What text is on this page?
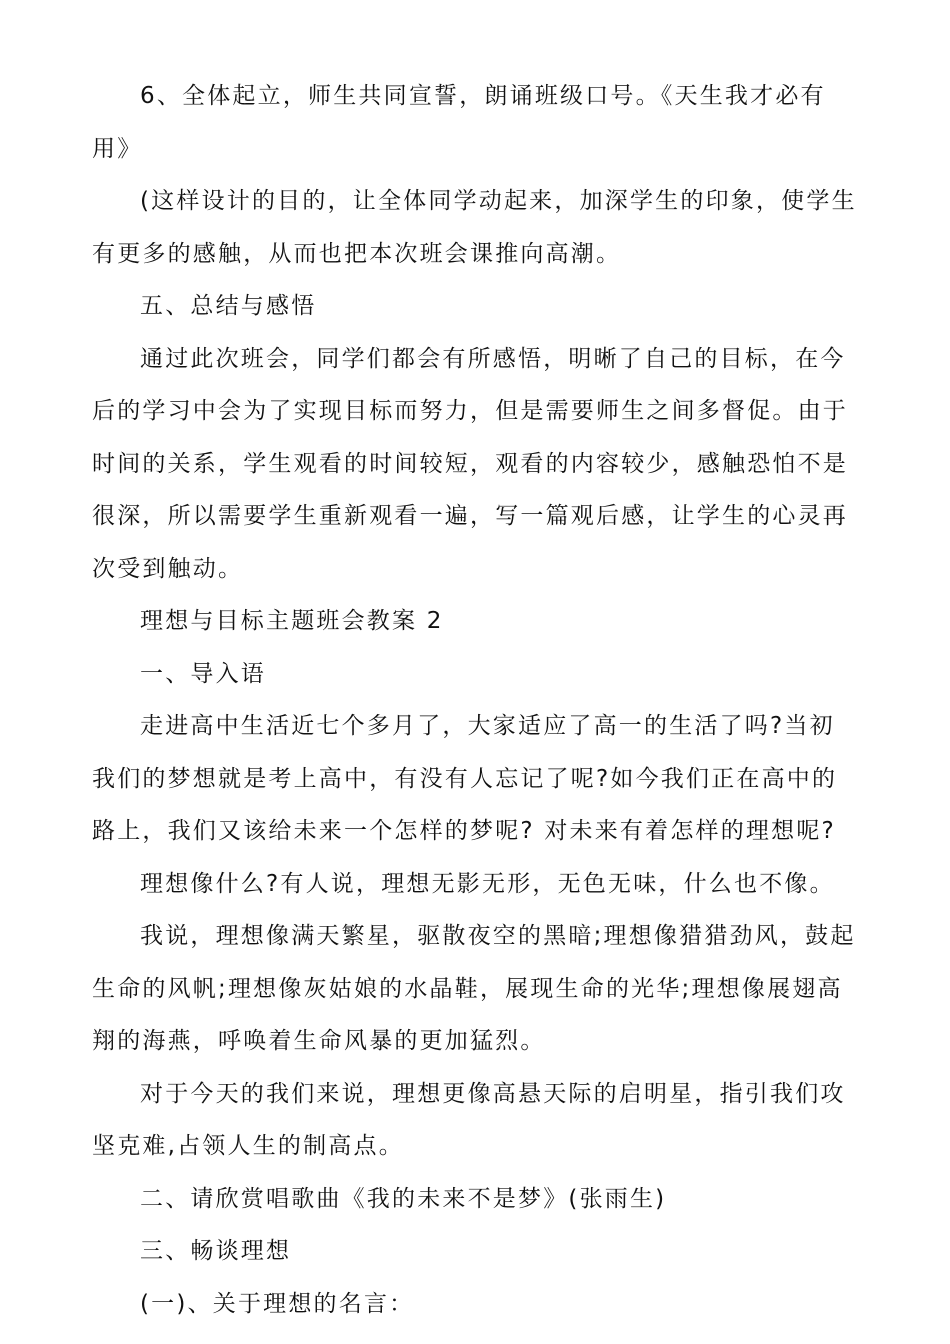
6、全体起立，师生共同宣誓，朗诵班级口号。《天生我才必有用》

(这样设计的目的，让全体同学动起来，加深学生的印象，使学生有更多的感触，从而也把本次班会课推向高潮。

五、总结与感悟

通过此次班会，同学们都会有所感悟，明晰了自己的目标，在今后的学习中会为了实现目标而努力，但是需要师生之间多督促。由于时间的关系，学生观看的时间较短，观看的内容较少，感触恐怕不是很深，所以需要学生重新观看一遍，写一篇观后感，让学生的心灵再次受到触动。

理想与目标主题班会教案 2

一、导入语

走进高中生活近七个多月了，大家适应了高一的生活了吗?当初我们的梦想就是考上高中，有没有人忘记了呢?如今我们正在高中的路上，我们又该给未来一个怎样的梦呢? 对未来有着怎样的理想呢?

理想像什么?有人说，理想无影无形，无色无味，什么也不像。

我说，理想像满天繁星，驱散夜空的黑暗;理想像猎猎劲风，鼓起生命的风帆;理想像灰姑娘的水晶鞋，展现生命的光华;理想像展翅高翔的海燕，呼唤着生命风暴的更加猛烈。

对于今天的我们来说，理想更像高悬天际的启明星，指引我们攻坚克难,占领人生的制高点。

二、请欣赏唱歌曲《我的未来不是梦》(张雨生)

三、畅谈理想

(一)、关于理想的名言：
